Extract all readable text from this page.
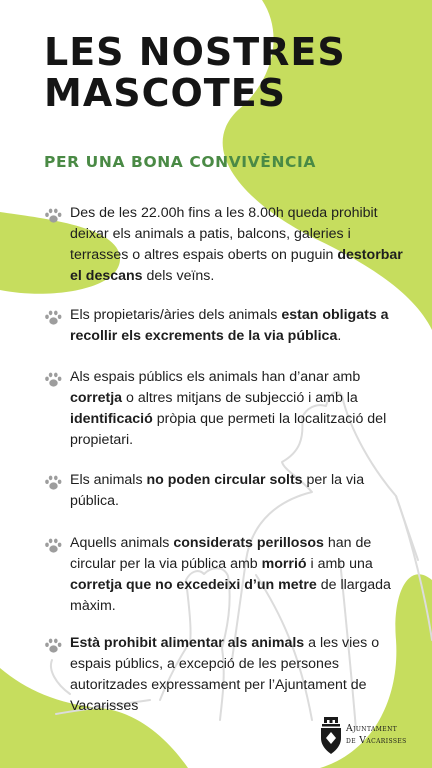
LES NOSTRES
MASCOTES
PER UNA BONA CONVIVÈNCIA
Des de les 22.00h fins a les 8.00h queda prohibit deixar els animals a patis, balcons, galeries i terrasses o altres espais oberts on puguin destorbar el descans dels veïns.
Els propietaris/àries dels animals estan obligats a recollir els excrements de la via pública.
Als espais públics els animals han d’anar amb corretja o altres mitjans de subjecció i amb la identificació pròpia que permeti la localització del propietari.
Els animals no poden circular solts per la via pública.
Aquells animals considerats perillosos han de circular per la via pública amb morrió i amb una corretja que no excedeixi d’un metre de llargada màxim.
Està prohibit alimentar als animals a les vies o espais públics, a excepció de les persones autoritzades expressament per l’Ajuntament de Vacarisses
Ajuntament
de Vacarisses
